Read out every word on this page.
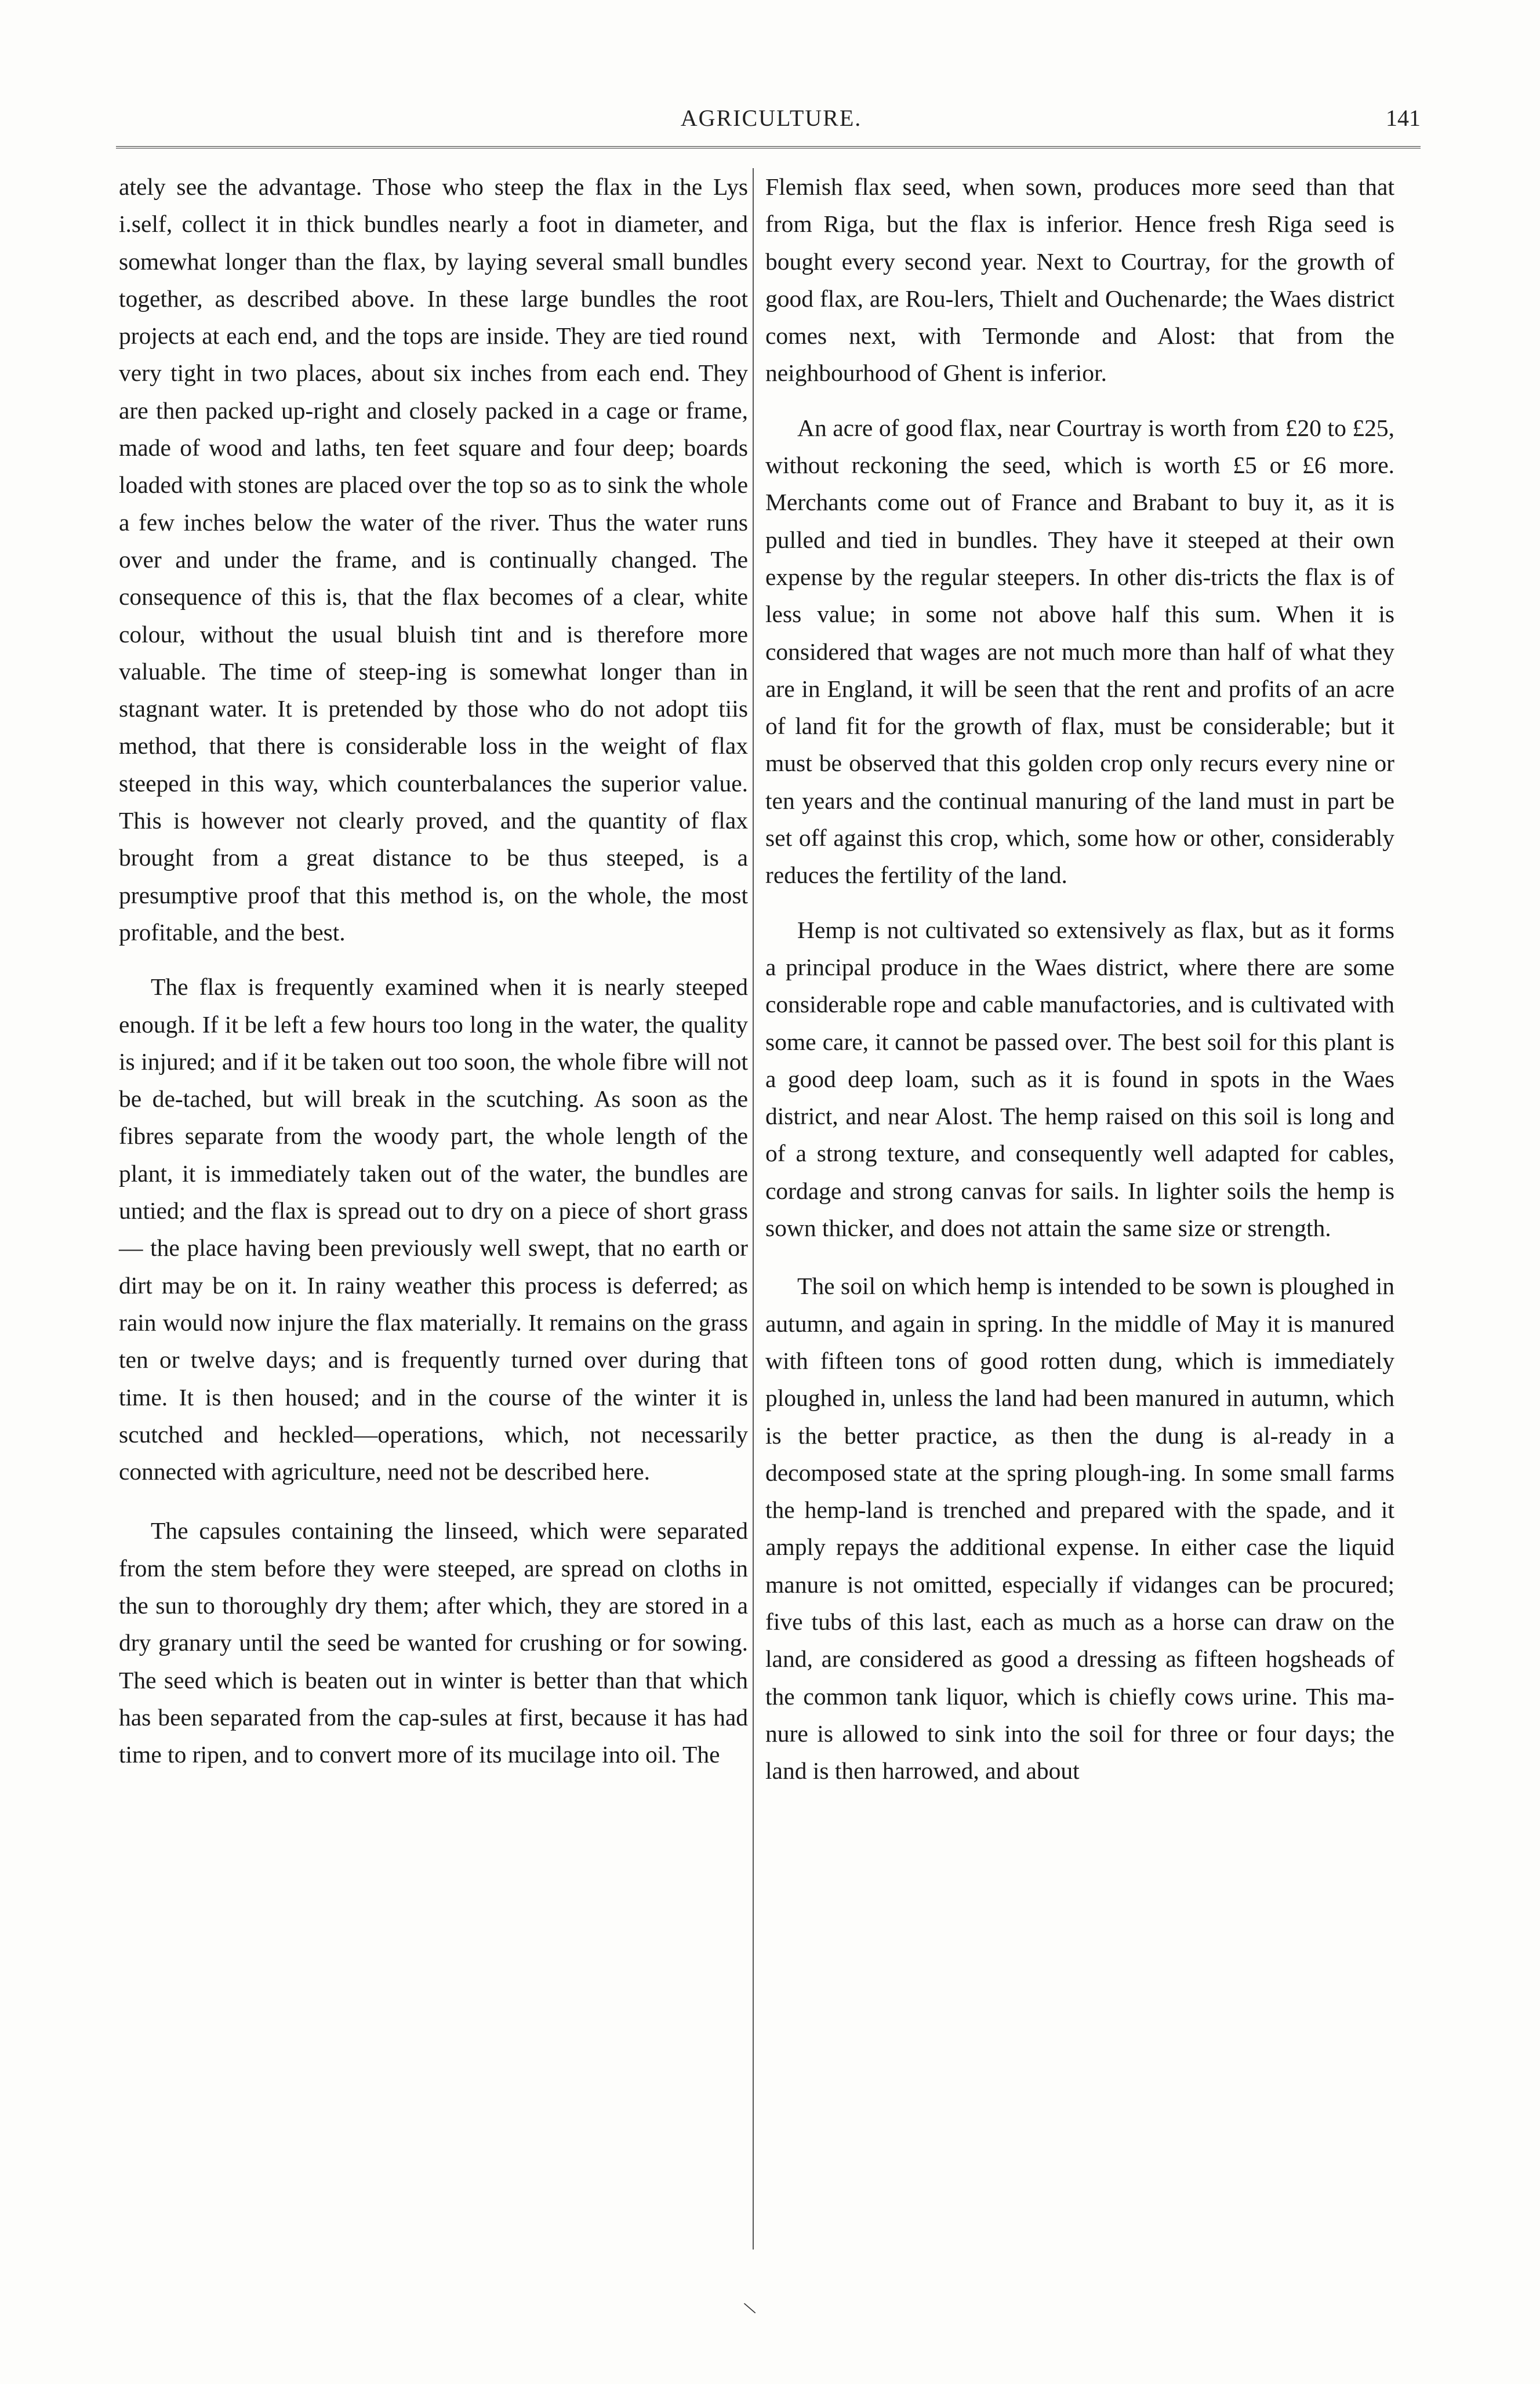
AGRICULTURE.	141

ately see the advantage. Those who steep the flax in the Lys i.self, collect it in thick bundles nearly a foot in diameter, and somewhat longer than the flax, by laying several small bundles together, as described above. In these large bundles the root projects at each end, and the tops are inside. They are tied round very tight in two places, about six inches from each end. They are then packed up-right and closely packed in a cage or frame, made of wood and laths, ten feet square and four deep; boards loaded with stones are placed over the top so as to sink the whole a few inches below the water of the river. Thus the water runs over and under the frame, and is continually changed. The consequence of this is, that the flax becomes of a clear, white colour, without the usual bluish tint and is therefore more valuable. The time of steep-ing is somewhat longer than in stagnant water. It is pretended by those who do not adopt tiis method, that there is considerable loss in the weight of flax steeped in this way, which counterbalances the superior value. This is however not clearly proved, and the quantity of flax brought from a great distance to be thus steeped, is a presumptive proof that this method is, on the whole, the most profitable, and the best.

The flax is frequently examined when it is nearly steeped enough. If it be left a few hours too long in the water, the quality is injured; and if it be taken out too soon, the whole fibre will not be de-tached, but will break in the scutching. As soon as the fibres separate from the woody part, the whole length of the plant, it is immediately taken out of the water, the bundles are untied; and the flax is spread out to dry on a piece of short grass— the place having been previously well swept, that no earth or dirt may be on it. In rainy weather this process is deferred; as rain would now injure the flax materially. It remains on the grass ten or twelve days; and is frequently turned over during that time. It is then housed; and in the course of the winter it is scutched and heckled—operations, which, not necessarily connected with agriculture, need not be described here.

The capsules containing the linseed, which were separated from the stem before they were steeped, are spread on cloths in the sun to thoroughly dry them; after which, they are stored in a dry granary until the seed be wanted for crushing or for sowing. The seed which is beaten out in winter is better than that which has been separated from the cap-sules at first, because it has had time to ripen, and to convert more of its mucilage into oil. The

Flemish flax seed, when sown, produces more seed than that from Riga, but the flax is inferior. Hence fresh Riga seed is bought every second year. Next to Courtray, for the growth of good flax, are Rou-lers, Thielt and Ouchenarde; the Waes district comes next, with Termonde and Alost: that from the neighbourhood of Ghent is inferior.

An acre of good flax, near Courtray is worth from £20 to £25, without reckoning the seed, which is worth £5 or £6 more. Merchants come out of France and Brabant to buy it, as it is pulled and tied in bundles. They have it steeped at their own expense by the regular steepers. In other dis-tricts the flax is of less value; in some not above half this sum. When it is considered that wages are not much more than half of what they are in England, it will be seen that the rent and profits of an acre of land fit for the growth of flax, must be considerable; but it must be observed that this golden crop only recurs every nine or ten years and the continual manuring of the land must in part be set off against this crop, which, some how or other, considerably reduces the fertility of the land.

Hemp is not cultivated so extensively as flax, but as it forms a principal produce in the Waes district, where there are some considerable rope and cable manufactories, and is cultivated with some care, it cannot be passed over. The best soil for this plant is a good deep loam, such as it is found in spots in the Waes district, and near Alost. The hemp raised on this soil is long and of a strong texture, and consequently well adapted for cables, cordage and strong canvas for sails. In lighter soils the hemp is sown thicker, and does not attain the same size or strength.

The soil on which hemp is intended to be sown is ploughed in autumn, and again in spring. In the middle of May it is manured with fifteen tons of good rotten dung, which is immediately ploughed in, unless the land had been manured in autumn, which is the better practice, as then the dung is al-ready in a decomposed state at the spring plough-ing. In some small farms the hemp-land is trenched and prepared with the spade, and it amply repays the additional expense. In either case the liquid manure is not omitted, especially if vidanges can be procured; five tubs of this last, each as much as a horse can draw on the land, are considered as good a dressing as fifteen hogsheads of the common tank liquor, which is chiefly cows urine. This ma-nure is allowed to sink into the soil for three or four days; the land is then harrowed, and about

\
